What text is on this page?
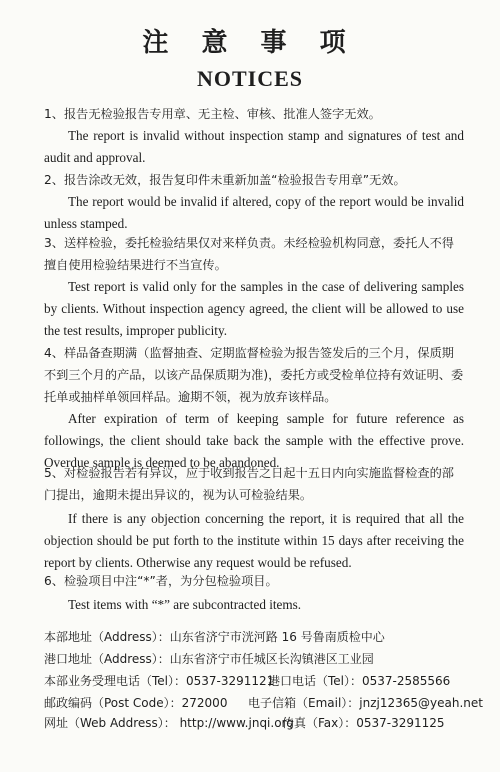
注 意 事 项
NOTICES
1、报告无检验报告专用章、无主检、审核、批准人签字无效。
The report is invalid without inspection stamp and signatures of test and audit and approval.
2、报告涂改无效，报告复印件未重新加盖“检验报告专用章”无效。
The report would be invalid if altered, copy of the report would be invalid unless stamped.
3、送样检验，委托检验结果仅对来样负责。未经检验机构同意，委托人不得擅自使用检验结果进行不当宣传。
Test report is valid only for the samples in the case of delivering samples by clients. Without inspection agency agreed, the client will be allowed to use the test results, improper publicity.
4、样品备查期满（监督抽查、定期监督检验为报告签发后的三个月，保质期不到三个月的产品，以该产品保质期为准)，委托方或受检单位持有效证明、委托单或抽样单领回样品。逾期不领，视为放弃该样品。
After expiration of term of keeping sample for future reference as followings, the client should take back the sample with the effective prove. Overdue sample is deemed to be abandoned.
5、对检验报告若有异议，应于收到报告之日起十五日内向实施监督检查的部门提出，逾期未提出异议的，视为认可检验结果。
If there is any objection concerning the report, it is required that all the objection should be put forth to the institute within 15 days after receiving the report by clients. Otherwise any request would be refused.
6、检验项目中注“*”者，为分包检验项目。
Test items with “*” are subcontracted items.
本部地址（Address）：山东省济宁市洸河路 16 号鲁南质检中心
港口地址（Address）：山东省济宁市任城区长沟镇港区工业园
本部业务受理电话（Tel）：0537-3291121
港口电话（Tel）：0537-2585566
邮政编码（Post Code）：272000 电子信箱（Email）：jnzj12365@yeah.net
网址（Web Address）： http://www.jnqi.org
传真（Fax）：0537-3291125
